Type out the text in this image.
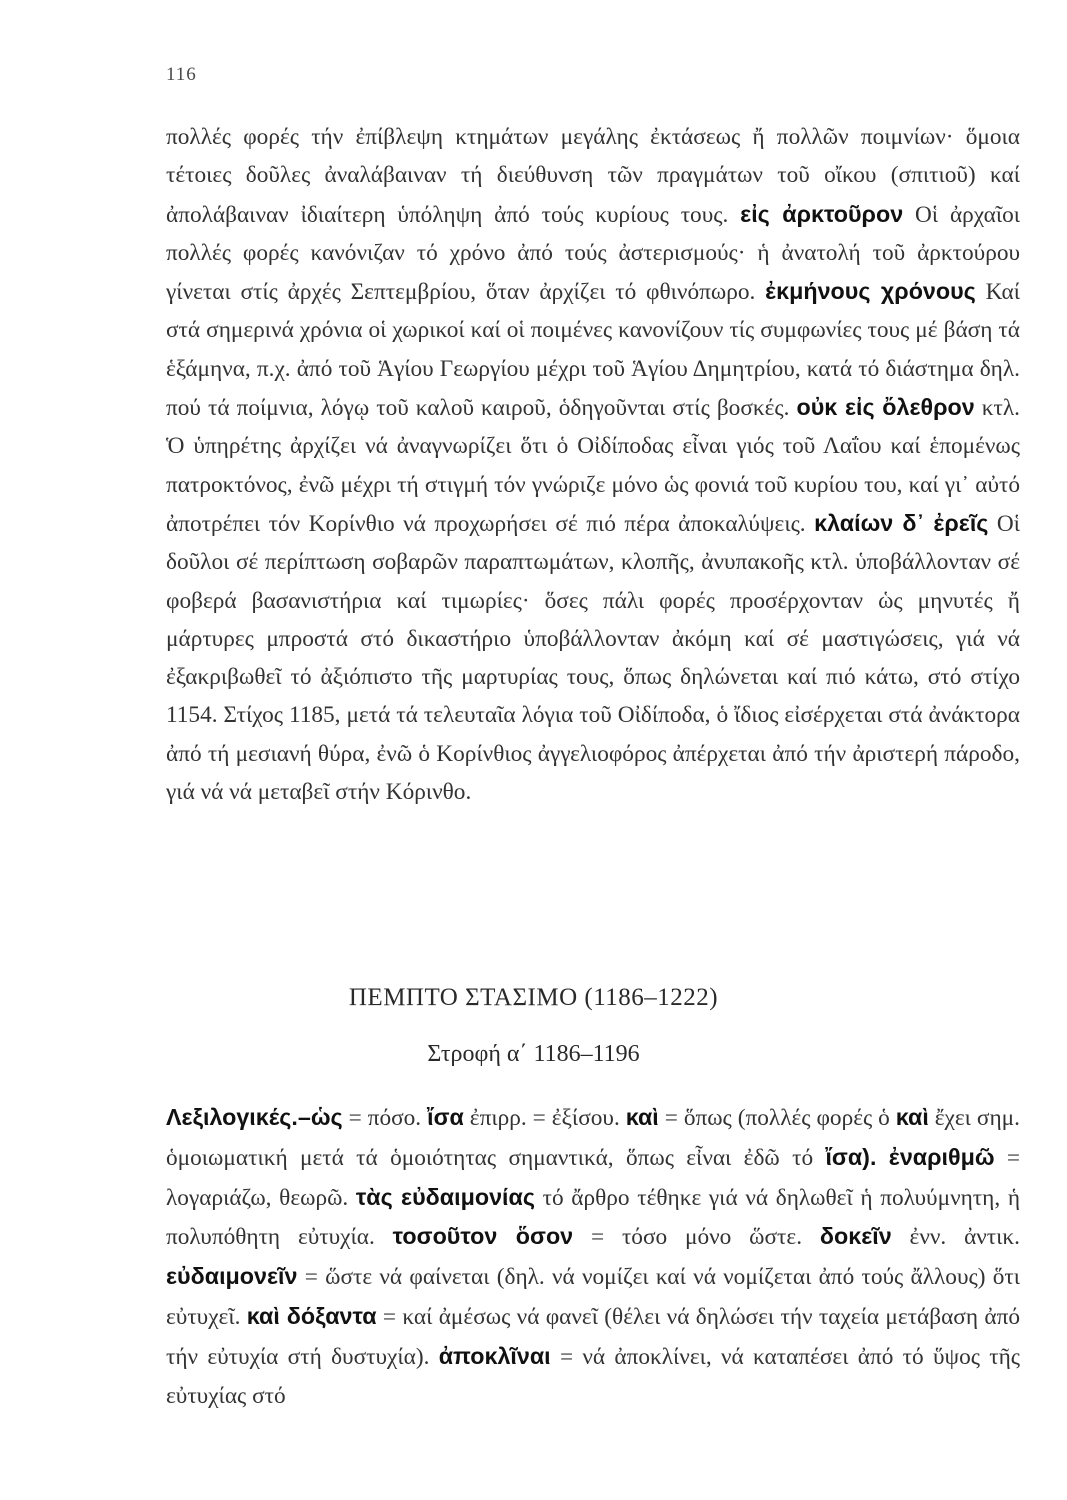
116
πολλές φορές τήν ἐπίβλεψη κτημάτων μεγάλης ἐκτάσεως ἤ πολλῶν ποιμνίων· ὅμοια τέτοιες δοῦλες ἀναλάβαιναν τή διεύθυνση τῶν πραγμάτων τοῦ οἴκου (σπιτιοῦ) καί ἀπολάβαιναν ἰδιαίτερη ὑπόληψη ἀπό τούς κυρίους τους. εἰς ἀρκτοῦρον Οἱ ἀρχαῖοι πολλές φορές κανόνιζαν τό χρόνο ἀπό τούς ἀστερισμούς· ἡ ἀνατολή τοῦ ἀρκτούρου γίνεται στίς ἀρχές Σεπτεμβρίου, ὅταν ἀρχίζει τό φθινόπωρο. ἐκμήνους χρόνους Καί στά σημερινά χρόνια οἱ χωρικοί καί οἱ ποιμένες κανονίζουν τίς συμφωνίες τους μέ βάση τά ἑξάμηνα, π.χ. ἀπό τοῦ Ἁγίου Γεωργίου μέχρι τοῦ Ἁγίου Δημητρίου, κατά τό διάστημα δηλ. πού τά ποίμνια, λόγῳ τοῦ καλοῦ καιροῦ, ὁδηγοῦνται στίς βοσκές. οὐκ εἰς ὄλεθρον κτλ. Ὁ ὑπηρέτης ἀρχίζει νά ἀναγνωρίζει ὅτι ὁ Οἰδίποδας εἶναι γιός τοῦ Λαΐου καί ἑπομένως πατροκτόνος, ἐνῶ μέχρι τή στιγμή τόν γνώριζε μόνο ὡς φονιά τοῦ κυρίου του, καί γι᾽ αὐτό ἀποτρέπει τόν Κορίνθιο νά προχωρήσει σέ πιό πέρα ἀποκαλύψεις. κλαίων δ᾽ ἐρεῖς Οἱ δοῦλοι σέ περίπτωση σοβαρῶν παραπτωμάτων, κλοπῆς, ἀνυπακοῆς κτλ. ὑποβάλλονταν σέ φοβερά βασανιστήρια καί τιμωρίες· ὅσες πάλι φορές προσέρχονταν ὡς μηνυτές ἤ μάρτυρες μπροστά στό δικαστήριο ὑποβάλλονταν ἀκόμη καί σέ μαστιγώσεις, γιά νά ἐξακριβωθεῖ τό ἀξιόπιστο τῆς μαρτυρίας τους, ὅπως δηλώνεται καί πιό κάτω, στό στίχο 1154. Στίχος 1185, μετά τά τελευταῖα λόγια τοῦ Οἰδίποδα, ὁ ἴδιος εἰσέρχεται στά ἀνάκτορα ἀπό τή μεσιανή θύρα, ἐνῶ ὁ Κορίνθιος ἀγγελιοφόρος ἀπέρχεται ἀπό τήν ἀριστερή πάροδο, γιά νά νά μεταβεῖ στήν Κόρινθο.
ΠΕΜΠΤΟ ΣΤΑΣΙΜΟ (1186–1222)
Στροφή α΄ 1186–1196
Λεξιλογικές.–ὡς = πόσο. ἴσα ἐπιρρ. = ἐξίσου. καὶ = ὅπως (πολλές φορές ὁ καὶ ἔχει σημ. ὁμοιωματική μετά τά ὁμοιότητας σημαντικά, ὅπως εἶναι ἐδῶ τό ἴσα). ἐναριθμῶ = λογαριάζω, θεωρῶ. τὰς εὐδαιμονίας τό ἄρθρο τέθηκε γιά νά δηλωθεῖ ἡ πολυύμνητη, ἡ πολυπόθητη εὐτυχία. τοσοῦτον ὅσον = τόσο μόνο ὥστε. δοκεῖν ἐνν. ἀντικ. εὐδαιμονεῖν = ὥστε νά φαίνεται (δηλ. νά νομίζει καί νά νομίζεται ἀπό τούς ἄλλους) ὅτι εὐτυχεῖ. καὶ δόξαντα = καί ἀμέσως νά φανεῖ (θέλει νά δηλώσει τήν ταχεία μετάβαση ἀπό τήν εὐτυχία στή δυστυχία). ἀποκλῖναι = νά ἀποκλίνει, νά καταπέσει ἀπό τό ὕψος τῆς εὐτυχίας στό
